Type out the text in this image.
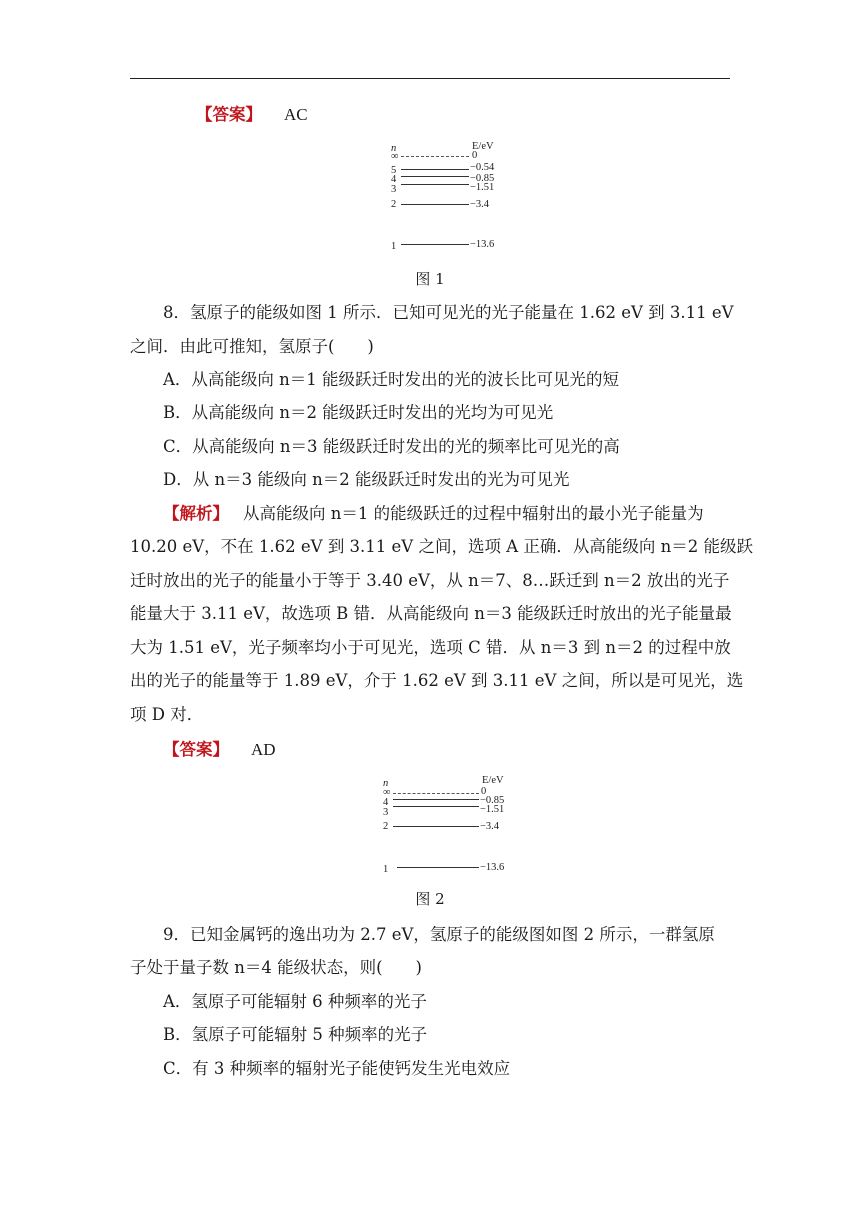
【答案】 AC
n	E/eV
∞	0
5	−0.54
4	−0.85
3	−1.51
2	−3.4
1	−13.6
图 1
8．氢原子的能级如图 1 所示．已知可见光的光子能量在 1.62 eV 到 3.11 eV
之间．由此可推知，氢原子(　　)
A．从高能级向 n＝1 能级跃迁时发出的光的波长比可见光的短
B．从高能级向 n＝2 能级跃迁时发出的光均为可见光
C．从高能级向 n＝3 能级跃迁时发出的光的频率比可见光的高
D．从 n＝3 能级向 n＝2 能级跃迁时发出的光为可见光
【解析】 从高能级向 n＝1 的能级跃迁的过程中辐射出的最小光子能量为
10.20 eV，不在 1.62 eV 到 3.11 eV 之间，选项 A 正确．从高能级向 n＝2 能级跃
迁时放出的光子的能量小于等于 3.40 eV，从 n＝7、8…跃迁到 n＝2 放出的光子
能量大于 3.11 eV，故选项 B 错．从高能级向 n＝3 能级跃迁时放出的光子能量最
大为 1.51 eV，光子频率均小于可见光，选项 C 错．从 n＝3 到 n＝2 的过程中放
出的光子的能量等于 1.89 eV，介于 1.62 eV 到 3.11 eV 之间，所以是可见光，选
项 D 对．
【答案】 AD
n	E/eV
∞	0
4	−0.85
3	−1.51
2	−3.4
1	−13.6
图 2
9．已知金属钙的逸出功为 2.7 eV，氢原子的能级图如图 2 所示，一群氢原
子处于量子数 n＝4 能级状态，则(　　)
A．氢原子可能辐射 6 种频率的光子
B．氢原子可能辐射 5 种频率的光子
C．有 3 种频率的辐射光子能使钙发生光电效应
